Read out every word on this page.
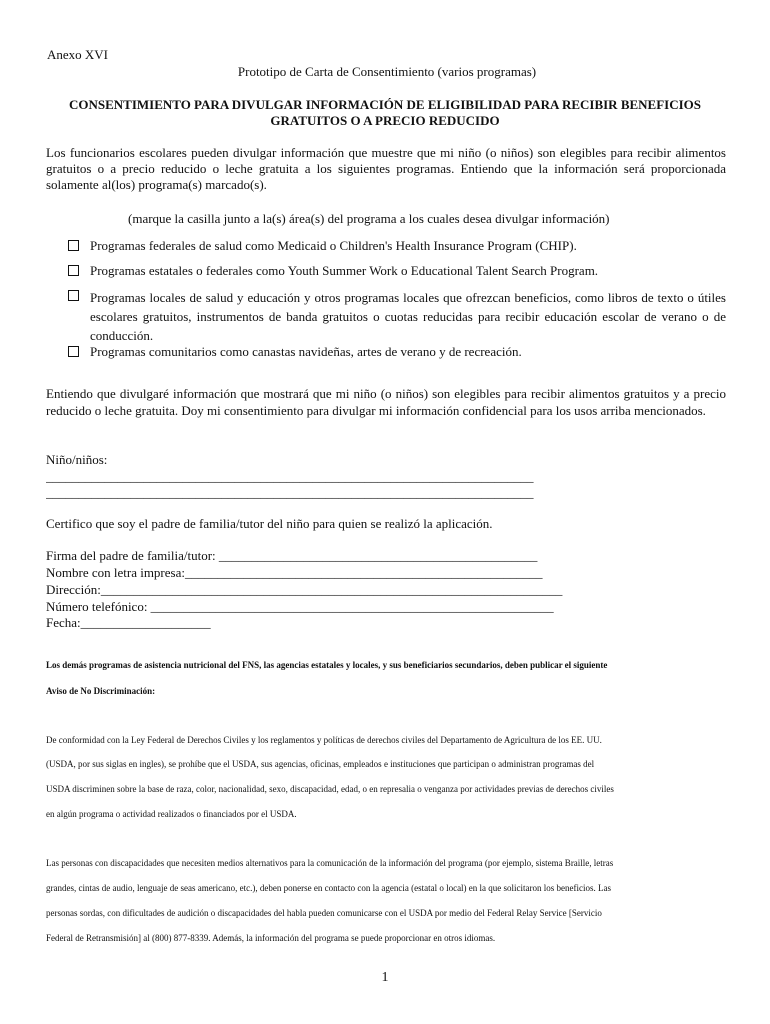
Anexo XVI
Prototipo de Carta de Consentimiento (varios programas)
CONSENTIMIENTO PARA DIVULGAR INFORMACIÓN DE ELIGIBILIDAD PARA RECIBIR BENEFICIOS
GRATUITOS O A PRECIO REDUCIDO
Los funcionarios escolares pueden divulgar información que muestre que mi niño (o niños) son elegibles para recibir alimentos gratuitos o a precio reducido o leche gratuita a los siguientes programas. Entiendo que la información será proporcionada solamente al(los) programa(s) marcado(s).
(marque la casilla junto a la(s) área(s) del programa a los cuales desea divulgar información)
Programas federales de salud como Medicaid o Children's Health Insurance Program (CHIP).
Programas estatales o federales como Youth Summer Work o Educational Talent Search Program.
Programas locales de salud y educación y otros programas locales que ofrezcan beneficios, como libros de texto o útiles escolares gratuitos, instrumentos de banda gratuitos o cuotas reducidas para recibir educación escolar de verano o de conducción.
Programas comunitarios como canastas navideñas, artes de verano y de recreación.
Entiendo que divulgaré información que mostrará que mi niño (o niños) son elegibles para recibir alimentos gratuitos y a precio reducido o leche gratuita. Doy mi consentimiento para divulgar mi información confidencial para los usos arriba mencionados.
Niño/niños:
___________________________________________________________________________
___________________________________________________________________________
Certifico que soy el padre de familia/tutor del niño para quien se realizó la aplicación.
Firma del padre de familia/tutor: _________________________________________________
Nombre con letra impresa:_______________________________________________________
Dirección:_______________________________________________________________________
Número telefónico: ______________________________________________________________
Fecha:____________________
Los demás programas de asistencia nutricional del FNS, las agencias estatales y locales, y sus beneficiarios secundarios, deben publicar el siguiente
Aviso de No Discriminación:
De conformidad con la Ley Federal de Derechos Civiles y los reglamentos y políticas de derechos civiles del Departamento de Agricultura de los EE. UU.
(USDA, por sus siglas en ingles), se prohíbe que el USDA, sus agencias, oficinas, empleados e instituciones que participan o administran programas del
USDA discriminen sobre la base de raza, color, nacionalidad, sexo, discapacidad, edad, o en represalia o venganza por actividades previas de derechos civiles
en algún programa o actividad realizados o financiados por el USDA.
Las personas con discapacidades que necesiten medios alternativos para la comunicación de la información del programa (por ejemplo, sistema Braille, letras
grandes, cintas de audio, lenguaje de seas americano, etc.), deben ponerse en contacto con la agencia (estatal o local) en la que solicitaron los beneficios. Las
personas sordas, con dificultades de audición o discapacidades del habla pueden comunicarse con el USDA por medio del Federal Relay Service [Servicio
Federal de Retransmisión] al (800) 877-8339. Además, la información del programa se puede proporcionar en otros idiomas.
1
